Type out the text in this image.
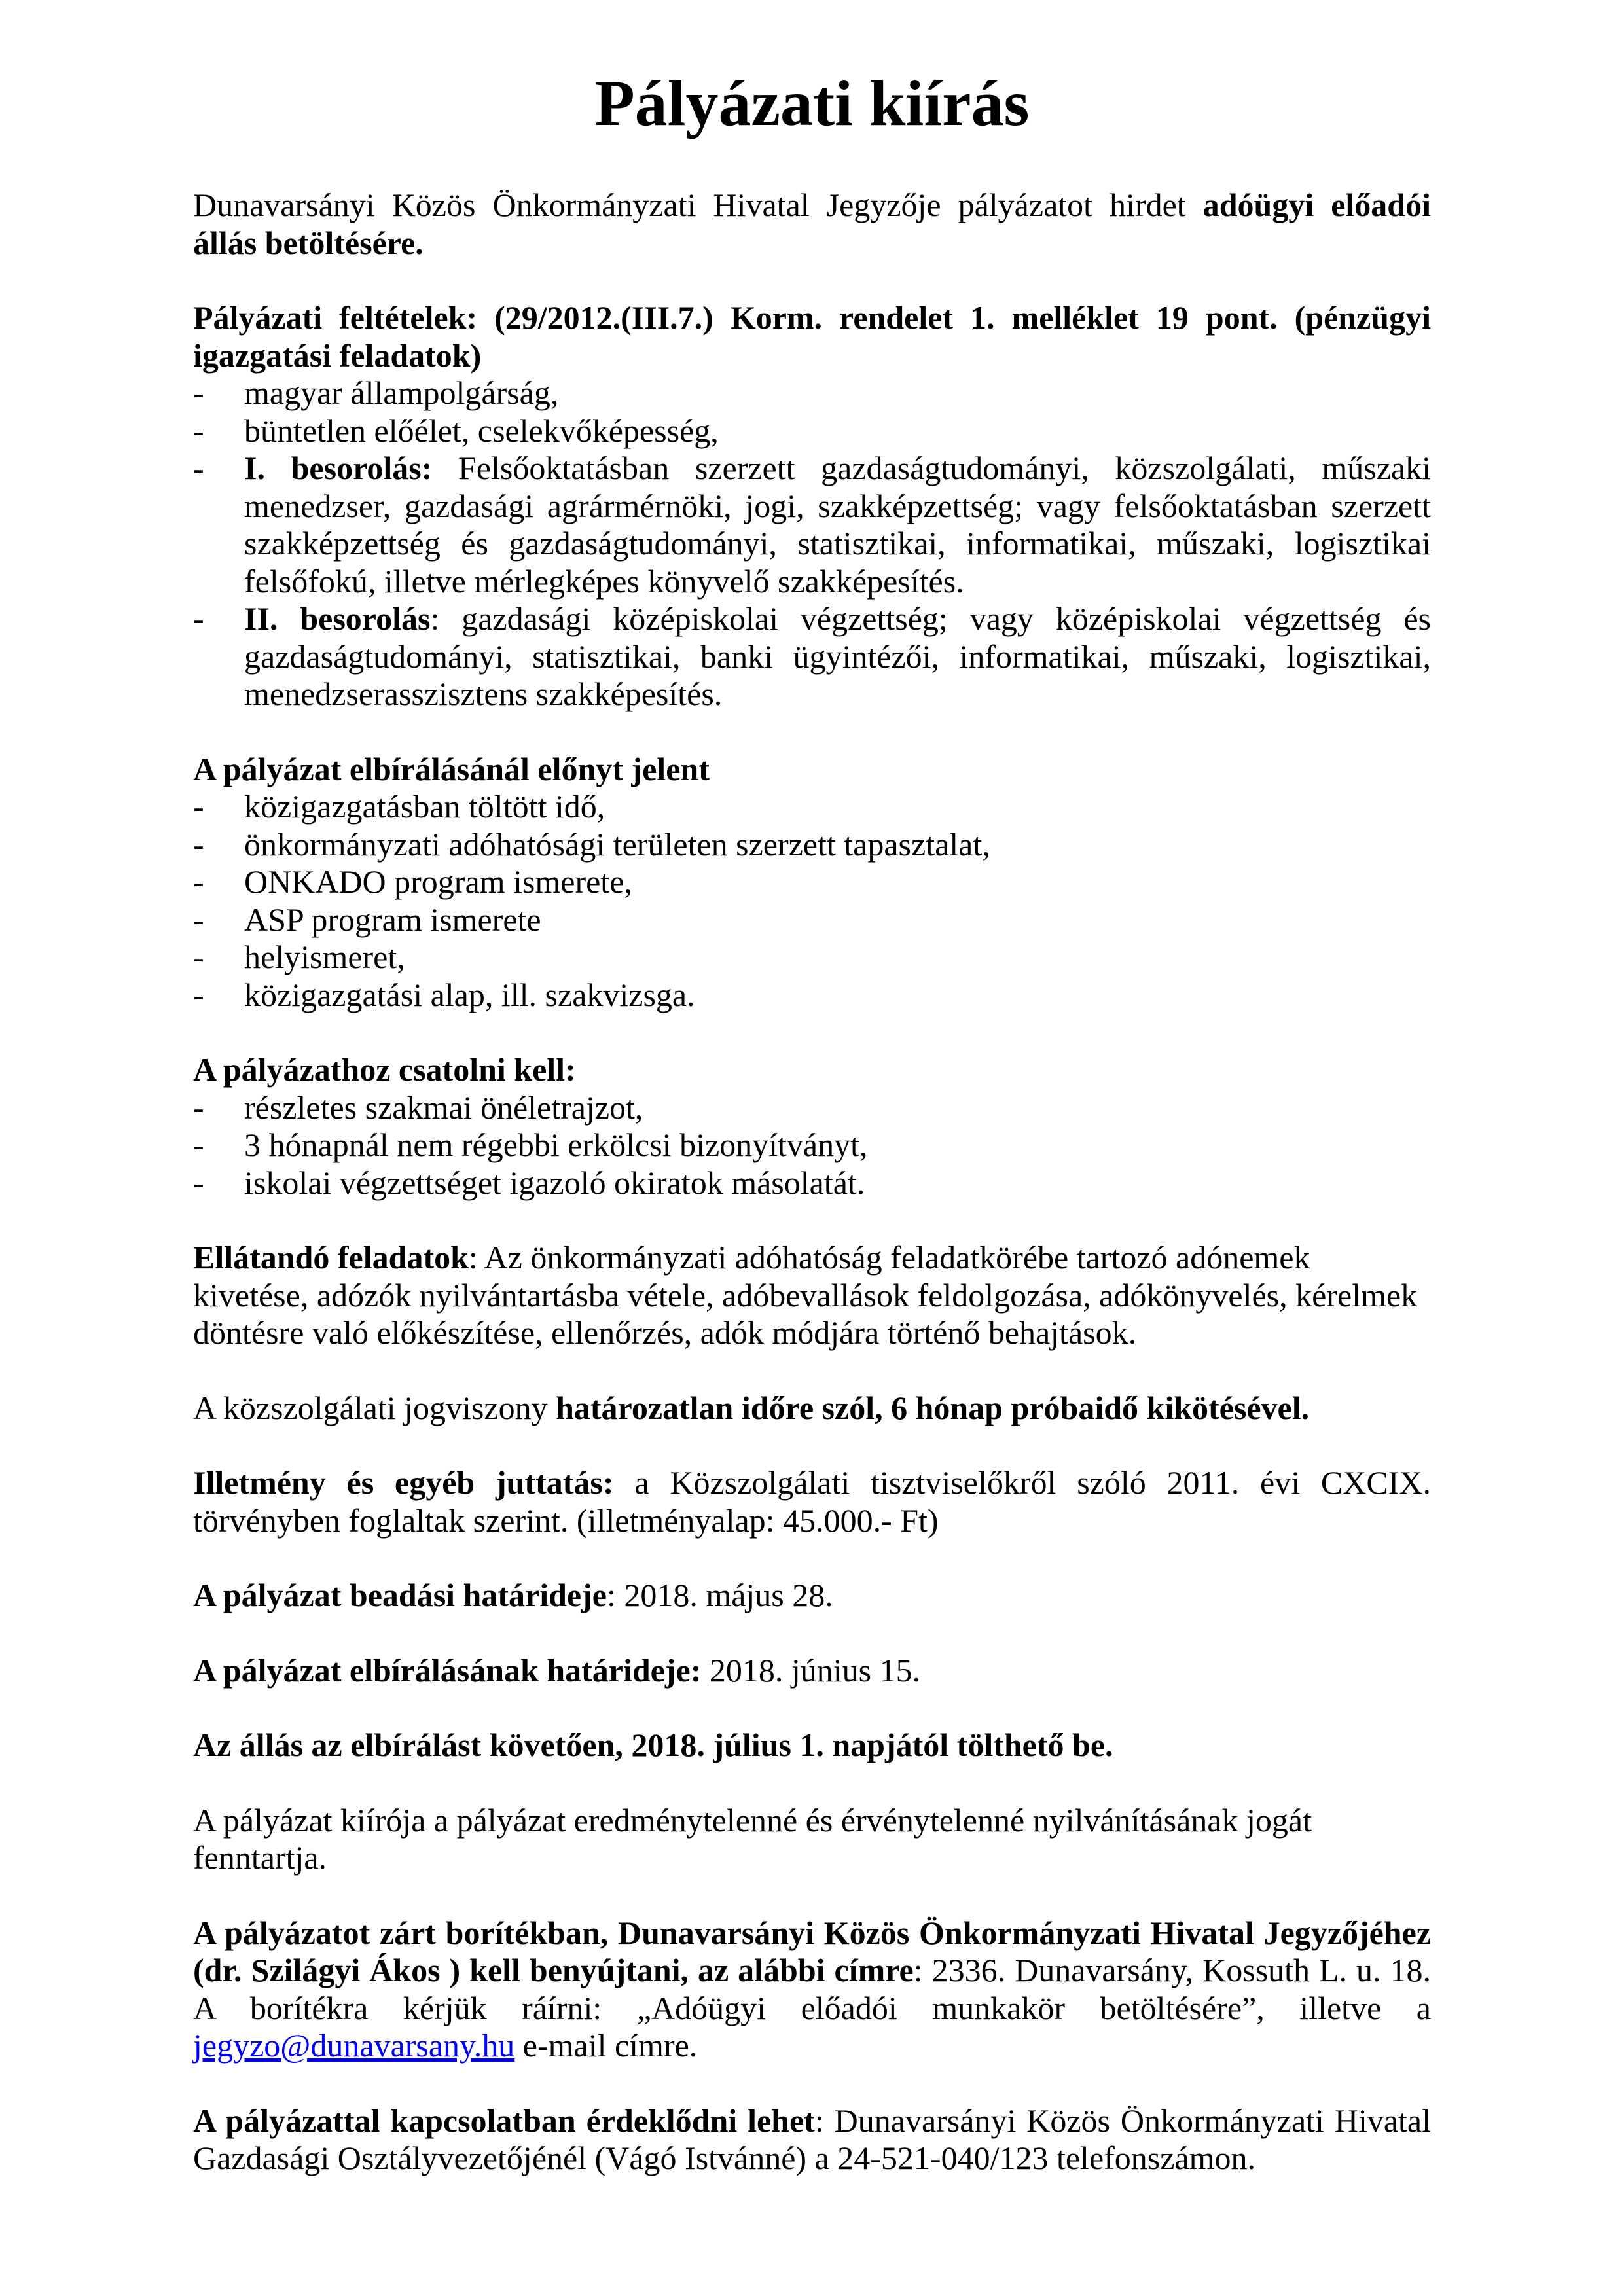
Pályázati kiírás

Dunavarsányi Közös Önkormányzati Hivatal Jegyzője pályázatot hirdet adóügyi előadói állás betöltésére.

Pályázati feltételek: (29/2012.(III.7.) Korm. rendelet 1. melléklet 19 pont. (pénzügyi igazgatási feladatok)

-	magyar állampolgárság,
-	büntetlen előélet, cselekvőképesség,
-	I. besorolás: Felsőoktatásban szerzett gazdaságtudományi, közszolgálati, műszaki menedzser, gazdasági agrármérnöki, jogi, szakképzettség; vagy felsőoktatásban szerzett szakképzettség és gazdaságtudományi, statisztikai, informatikai, műszaki, logisztikai felsőfokú, illetve mérlegképes könyvelő szakképesítés.
-	II. besorolás: gazdasági középiskolai végzettség; vagy középiskolai végzettség és gazdaságtudományi, statisztikai, banki ügyintézői, informatikai, műszaki, logisztikai, menedzserasszisztens szakképesítés.

A pályázat elbírálásánál előnyt jelent

-	közigazgatásban töltött idő,
-	önkormányzati adóhatósági területen szerzett tapasztalat,
-	ONKADO program ismerete,
-	ASP program ismerete
-	helyismeret,
-	közigazgatási alap, ill. szakvizsga.

A pályázathoz csatolni kell:

-	részletes szakmai önéletrajzot,
-	3 hónapnál nem régebbi erkölcsi bizonyítványt,
-	iskolai végzettséget igazoló okiratok másolatát.

Ellátandó feladatok: Az önkormányzati adóhatóság feladatkörébe tartozó adónemek kivetése, adózók nyilvántartásba vétele, adóbevallások feldolgozása, adókönyvelés, kérelmek döntésre való előkészítése, ellenőrzés, adók módjára történő behajtások.

A közszolgálati jogviszony határozatlan időre szól, 6 hónap próbaidő kikötésével.

Illetmény és egyéb juttatás: a Közszolgálati tisztviselőkről szóló 2011. évi CXCIX. törvényben foglaltak szerint. (illetményalap: 45.000.- Ft)

A pályázat beadási határideje: 2018. május 28.

A pályázat elbírálásának határideje: 2018. június 15.

Az állás az elbírálást követően, 2018. július 1. napjától tölthető be.

A pályázat kiírója a pályázat eredménytelenné és érvénytelenné nyilvánításának jogát fenntartja.

A pályázatot zárt borítékban, Dunavarsányi Közös Önkormányzati Hivatal Jegyzőjéhez (dr. Szilágyi Ákos ) kell benyújtani, az alábbi címre: 2336. Dunavarsány, Kossuth L. u. 18. A borítékra kérjük ráírni: „Adóügyi előadói munkakör betöltésére”, illetve a jegyzo@dunavarsany.hu e-mail címre.

A pályázattal kapcsolatban érdeklődni lehet: Dunavarsányi Közös Önkormányzati Hivatal Gazdasági Osztályvezetőjénél (Vágó Istvánné) a 24-521-040/123 telefonszámon.
